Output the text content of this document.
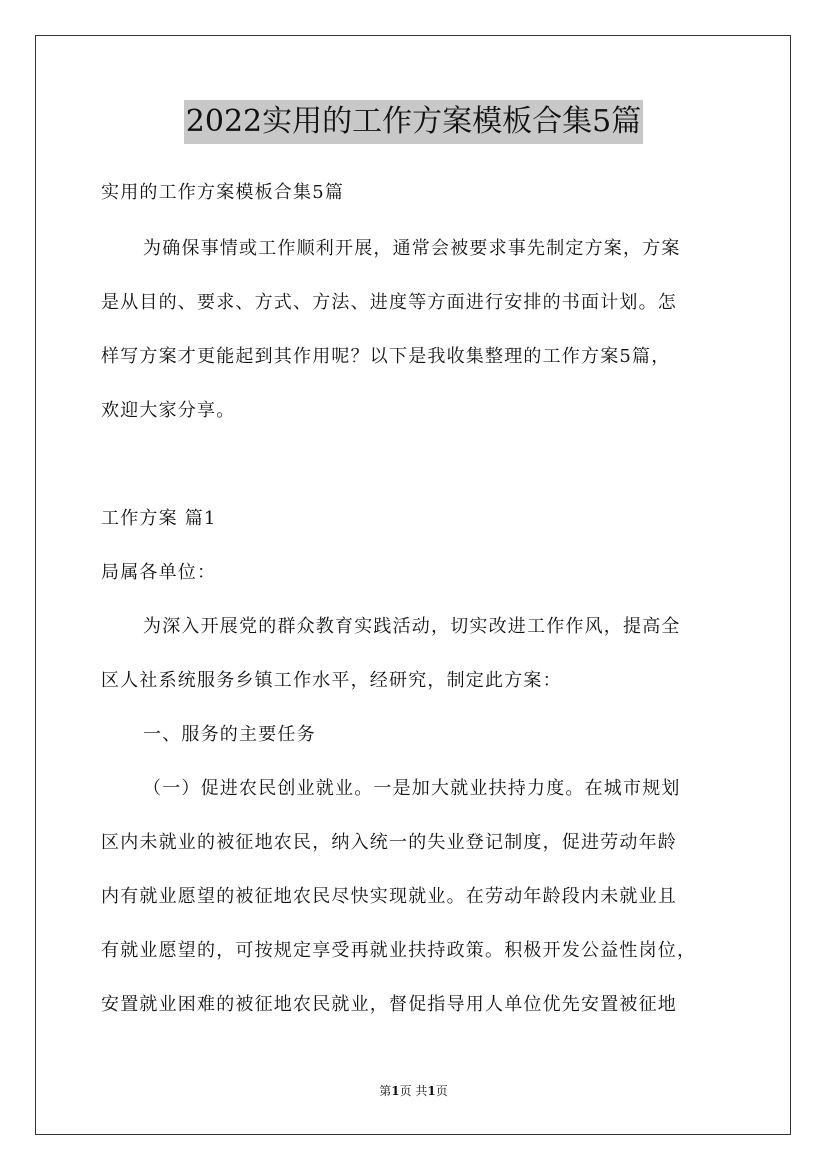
2022实用的工作方案模板合集5篇
实用的工作方案模板合集5篇
为确保事情或工作顺利开展，通常会被要求事先制定方案，方案
是从目的、要求、方式、方法、进度等方面进行安排的书面计划。怎
样写方案才更能起到其作用呢？以下是我收集整理的工作方案5篇，
欢迎大家分享。
工作方案 篇1
局属各单位：
为深入开展党的群众教育实践活动，切实改进工作作风，提高全
区人社系统服务乡镇工作水平，经研究，制定此方案：
一、服务的主要任务
（一）促进农民创业就业。一是加大就业扶持力度。在城市规划
区内未就业的被征地农民，纳入统一的失业登记制度，促进劳动年龄
内有就业愿望的被征地农民尽快实现就业。在劳动年龄段内未就业且
有就业愿望的，可按规定享受再就业扶持政策。积极开发公益性岗位，
安置就业困难的被征地农民就业，督促指导用人单位优先安置被征地
第1页 共1页
